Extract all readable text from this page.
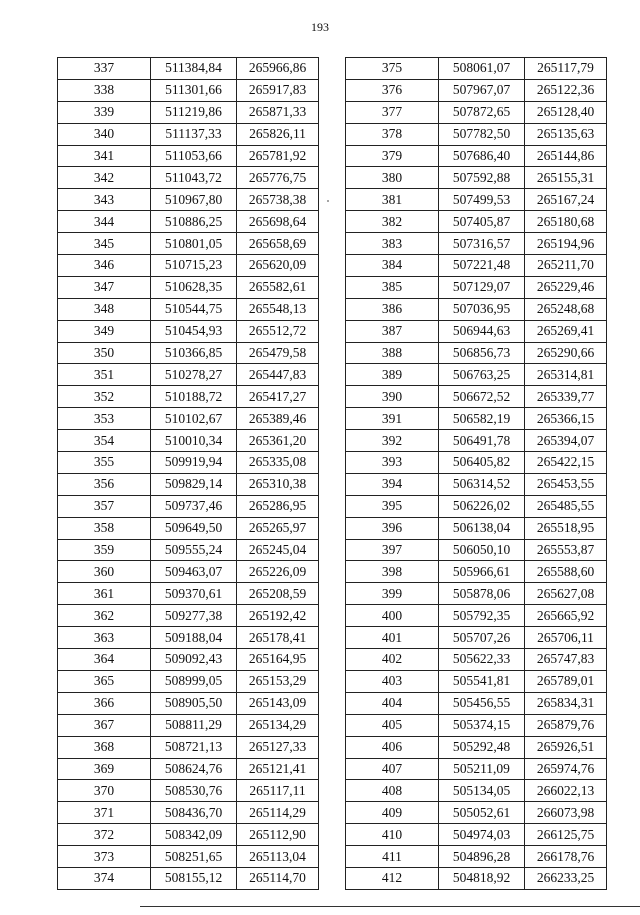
193
337	511384,84	265966,86
338	511301,66	265917,83
339	511219,86	265871,33
340	511137,33	265826,11
341	511053,66	265781,92
342	511043,72	265776,75
343	510967,80	265738,38
344	510886,25	265698,64
345	510801,05	265658,69
346	510715,23	265620,09
347	510628,35	265582,61
348	510544,75	265548,13
349	510454,93	265512,72
350	510366,85	265479,58
351	510278,27	265447,83
352	510188,72	265417,27
353	510102,67	265389,46
354	510010,34	265361,20
355	509919,94	265335,08
356	509829,14	265310,38
357	509737,46	265286,95
358	509649,50	265265,97
359	509555,24	265245,04
360	509463,07	265226,09
361	509370,61	265208,59
362	509277,38	265192,42
363	509188,04	265178,41
364	509092,43	265164,95
365	508999,05	265153,29
366	508905,50	265143,09
367	508811,29	265134,29
368	508721,13	265127,33
369	508624,76	265121,41
370	508530,76	265117,11
371	508436,70	265114,29
372	508342,09	265112,90
373	508251,65	265113,04
374	508155,12	265114,70
375	508061,07	265117,79
376	507967,07	265122,36
377	507872,65	265128,40
378	507782,50	265135,63
379	507686,40	265144,86
380	507592,88	265155,31
381	507499,53	265167,24
382	507405,87	265180,68
383	507316,57	265194,96
384	507221,48	265211,70
385	507129,07	265229,46
386	507036,95	265248,68
387	506944,63	265269,41
388	506856,73	265290,66
389	506763,25	265314,81
390	506672,52	265339,77
391	506582,19	265366,15
392	506491,78	265394,07
393	506405,82	265422,15
394	506314,52	265453,55
395	506226,02	265485,55
396	506138,04	265518,95
397	506050,10	265553,87
398	505966,61	265588,60
399	505878,06	265627,08
400	505792,35	265665,92
401	505707,26	265706,11
402	505622,33	265747,83
403	505541,81	265789,01
404	505456,55	265834,31
405	505374,15	265879,76
406	505292,48	265926,51
407	505211,09	265974,76
408	505134,05	266022,13
409	505052,61	266073,98
410	504974,03	266125,75
411	504896,28	266178,76
412	504818,92	266233,25
